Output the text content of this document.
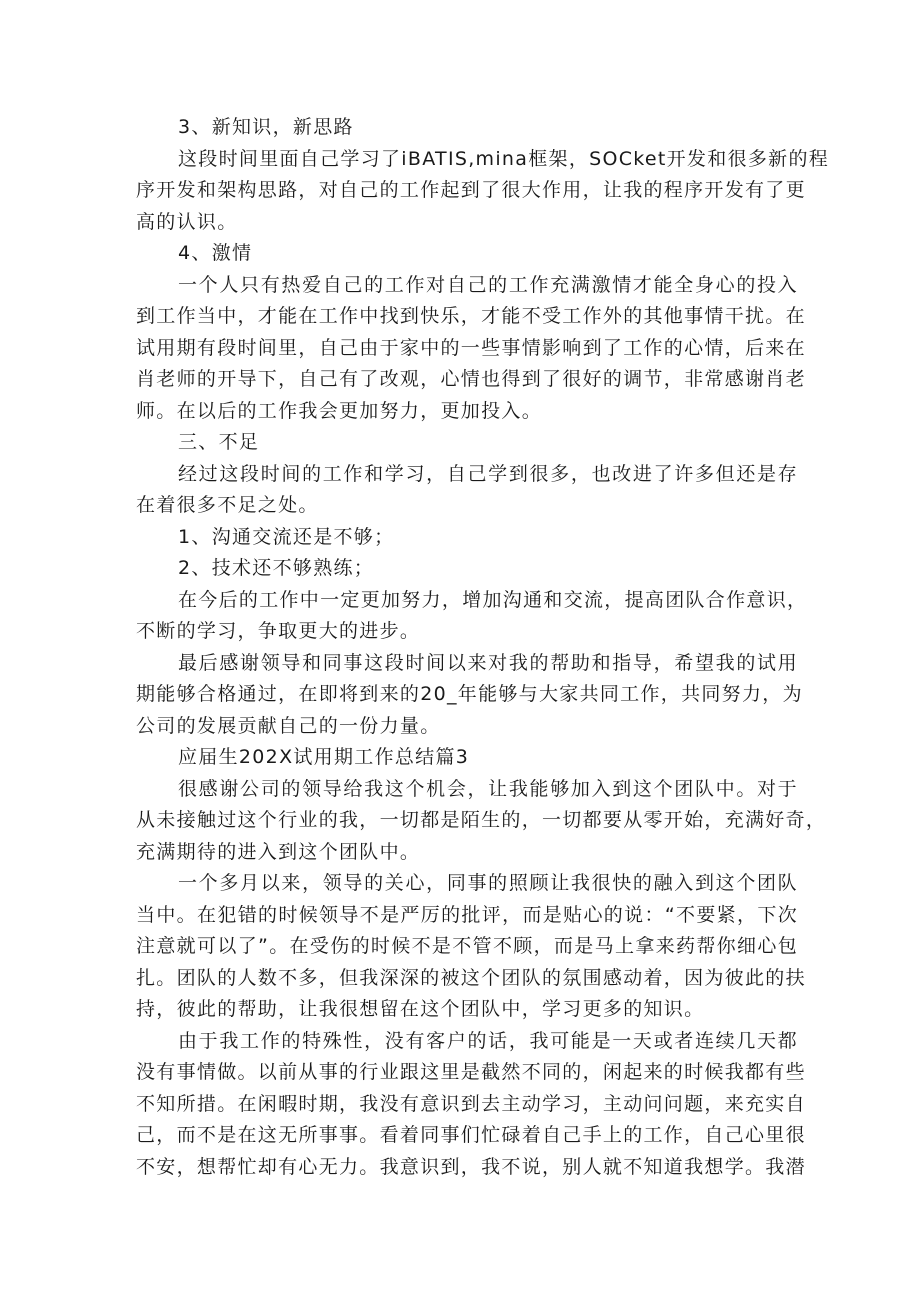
3、新知识，新思路
这段时间里面自己学习了iBATIS,mina框架，SOCket开发和很多新的程
序开发和架构思路，对自己的工作起到了很大作用，让我的程序开发有了更
高的认识。
4、激情
一个人只有热爱自己的工作对自己的工作充满激情才能全身心的投入
到工作当中，才能在工作中找到快乐，才能不受工作外的其他事情干扰。在
试用期有段时间里，自己由于家中的一些事情影响到了工作的心情，后来在
肖老师的开导下，自己有了改观，心情也得到了很好的调节，非常感谢肖老
师。在以后的工作我会更加努力，更加投入。
三、不足
经过这段时间的工作和学习，自己学到很多，也改进了许多但还是存
在着很多不足之处。
1、沟通交流还是不够；
2、技术还不够熟练；
在今后的工作中一定更加努力，增加沟通和交流，提高团队合作意识，
不断的学习，争取更大的进步。
最后感谢领导和同事这段时间以来对我的帮助和指导，希望我的试用
期能够合格通过，在即将到来的20_年能够与大家共同工作，共同努力，为
公司的发展贡献自己的一份力量。
应届生202X试用期工作总结篇3
很感谢公司的领导给我这个机会，让我能够加入到这个团队中。对于
从未接触过这个行业的我，一切都是陌生的，一切都要从零开始，充满好奇，
充满期待的进入到这个团队中。
一个多月以来，领导的关心，同事的照顾让我很快的融入到这个团队
当中。在犯错的时候领导不是严厉的批评，而是贴心的说：“不要紧，下次
注意就可以了”。在受伤的时候不是不管不顾，而是马上拿来药帮你细心包
扎。团队的人数不多，但我深深的被这个团队的氛围感动着，因为彼此的扶
持，彼此的帮助，让我很想留在这个团队中，学习更多的知识。
由于我工作的特殊性，没有客户的话，我可能是一天或者连续几天都
没有事情做。以前从事的行业跟这里是截然不同的，闲起来的时候我都有些
不知所措。在闲暇时期，我没有意识到去主动学习，主动问问题，来充实自
己，而不是在这无所事事。看着同事们忙碌着自己手上的工作，自己心里很
不安，想帮忙却有心无力。我意识到，我不说，别人就不知道我想学。我潜
